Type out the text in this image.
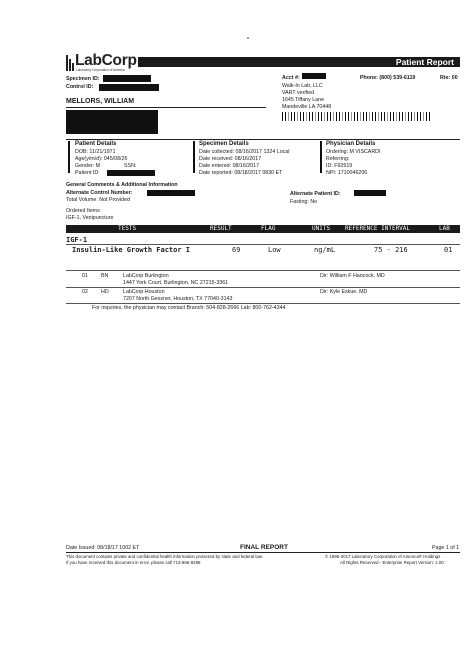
LabCorp
Laboratory Corporation of America
Patient Report
Specimen ID:
Control ID:
Acct #:	Phone: (800) 539-6119	Rte: 00
Walk-In Lab, LLC
VART verified
1645 Tiffany Lane
Mandeville LA 70448
MELLORS, WILLIAM
Patient Details
DOB: 11/21/1971
Age(y/m/d): 045/08/26
Gender: M	SSN:
Patient ID:
Specimen Details
Date collected: 08/16/2017 1324 Local
Date received: 08/16/2017
Date entered: 08/16/2017
Date reported: 08/18/2017 0830 ET
Physician Details
Ordering: M VISCARDI
Referring:
ID: F92919
NPI: 1710046206
General Comments & Additional Information
Alternate Control Number:
Total Volume: Not Provided
Alternate Patient ID:
Fasting: No
Ordered Items
IGF-1, Venipuncture
TESTS	RESULT	FLAG	UNITS REFERENCE INTERVAL	LAB
IGF-1
Insulin-Like Growth Factor I	69	Low	ng/mL	75 - 216	01
01 BN	LabCorp Burlington
1447 York Court, Burlington, NC 27215-3361
Dir: William F Hancock, MD
02 HD	LabCorp Houston
7207 North Gessner, Houston, TX 77040-3143
Dir: Kyle Eskue, MD
For inquiries, the physician may contact Branch: 504-828-2666 Lab: 800-762-4344
Date Issued: 08/18/17 1002 ET	FINAL REPORT	Page 1 of 1
This document contains private and confidential health information protected by state and federal law.
If you have received this document in error, please call 713-856-8288
© 1995-2017 Laboratory Corporation of America® Holdings
All Rights Reserved - Enterprise Report Version: 1.00
